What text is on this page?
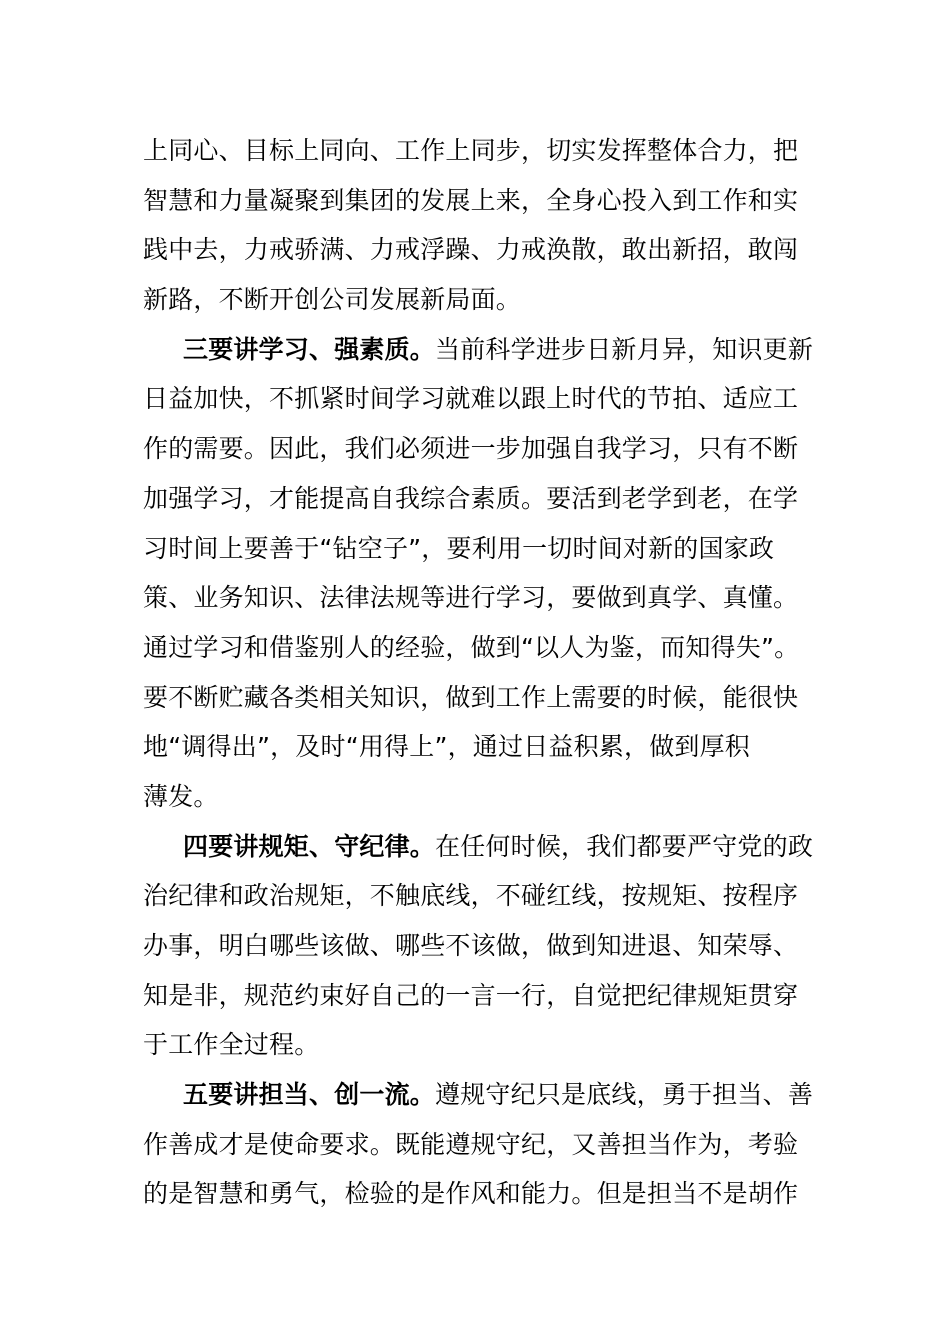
上同心、目标上同向、工作上同步，切实发挥整体合力，把
智慧和力量凝聚到集团的发展上来，全身心投入到工作和实
践中去，力戒骄满、力戒浮躁、力戒涣散，敢出新招，敢闯
新路，不断开创公司发展新局面。
三要讲学习、强素质。当前科学进步日新月异，知识更新
日益加快，不抓紧时间学习就难以跟上时代的节拍、适应工
作的需要。因此，我们必须进一步加强自我学习，只有不断
加强学习，才能提高自我综合素质。要活到老学到老，在学
习时间上要善于“钻空子”，要利用一切时间对新的国家政
策、业务知识、法律法规等进行学习，要做到真学、真懂。
通过学习和借鉴别人的经验，做到“以人为鉴，而知得失”。
要不断贮藏各类相关知识，做到工作上需要的时候，能很快
地“调得出”，及时“用得上”，通过日益积累，做到厚积
薄发。
四要讲规矩、守纪律。在任何时候，我们都要严守党的政
治纪律和政治规矩，不触底线，不碰红线，按规矩、按程序
办事，明白哪些该做、哪些不该做，做到知进退、知荣辱、
知是非，规范约束好自己的一言一行，自觉把纪律规矩贯穿
于工作全过程。
五要讲担当、创一流。遵规守纪只是底线，勇于担当、善
作善成才是使命要求。既能遵规守纪，又善担当作为，考验
的是智慧和勇气，检验的是作风和能力。但是担当不是胡作
